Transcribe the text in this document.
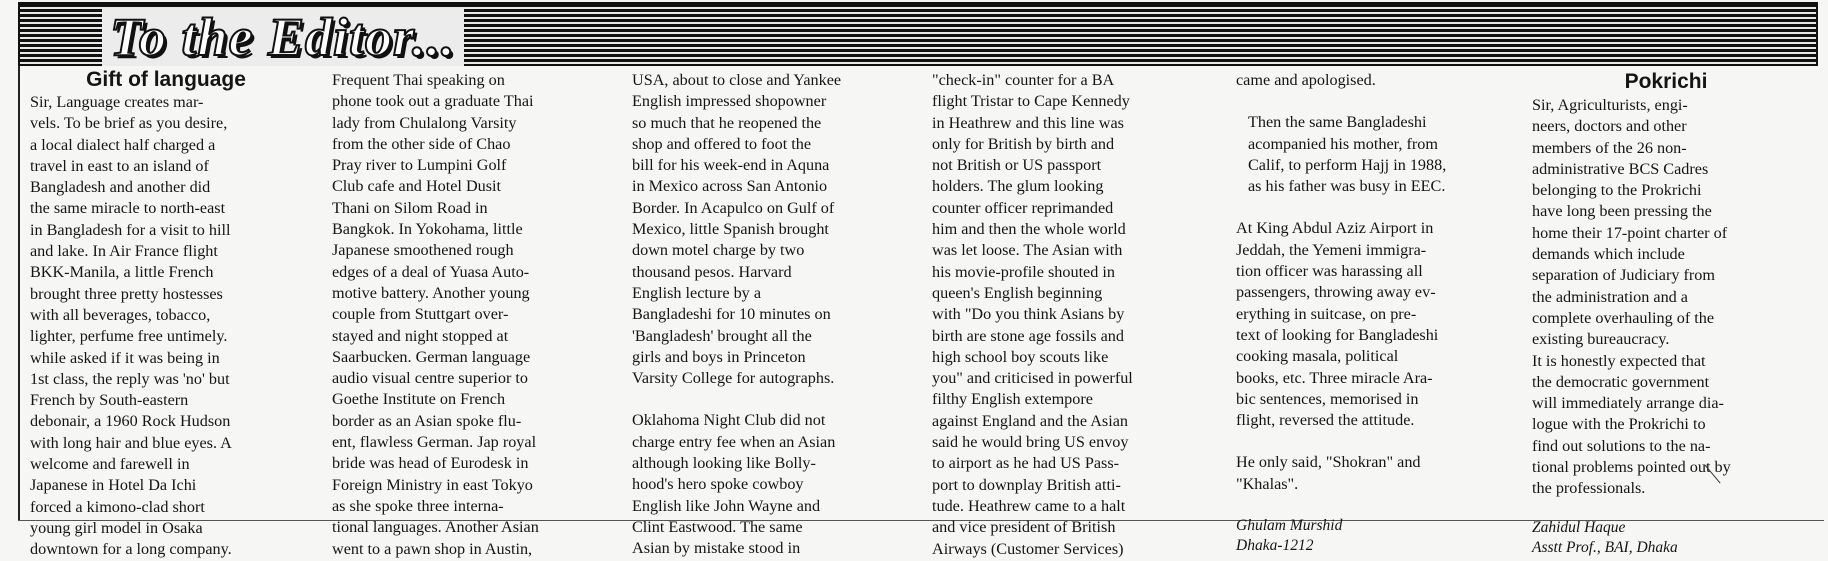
To the Editor...
Gift of language
Sir, Language creates mar-
vels. To be brief as you desire,
a local dialect half charged a
travel in east to an island of
Bangladesh and another did
the same miracle to north-east
in Bangladesh for a visit to hill
and lake. In Air France flight
BKK-Manila, a little French
brought three pretty hostesses
with all beverages, tobacco,
lighter, perfume free untimely.
while asked if it was being in
1st class, the reply was 'no' but
French by South-eastern
debonair, a 1960 Rock Hudson
with long hair and blue eyes. A
welcome and farewell in
Japanese in Hotel Da Ichi
forced a kimono-clad short
young girl model in Osaka
downtown for a long company.
Frequent Thai speaking on
phone took out a graduate Thai
lady from Chulalong Varsity
from the other side of Chao
Pray river to Lumpini Golf
Club cafe and Hotel Dusit
Thani on Silom Road in
Bangkok. In Yokohama, little
Japanese smoothened rough
edges of a deal of Yuasa Auto-
motive battery. Another young
couple from Stuttgart over-
stayed and night stopped at
Saarbucken. German language
audio visual centre superior to
Goethe Institute on French
border as an Asian spoke flu-
ent, flawless German. Jap royal
bride was head of Eurodesk in
Foreign Ministry in east Tokyo
as she spoke three interna-
tional languages. Another Asian
went to a pawn shop in Austin,
USA, about to close and Yankee
English impressed shopowner
so much that he reopened the
shop and offered to foot the
bill for his week-end in Aquna
in Mexico across San Antonio
Border. In Acapulco on Gulf of
Mexico, little Spanish brought
down motel charge by two
thousand pesos. Harvard
English lecture by a
Bangladeshi for 10 minutes on
'Bangladesh' brought all the
girls and boys in Princeton
Varsity College for autographs.
Oklahoma Night Club did not
charge entry fee when an Asian
although looking like Bolly-
hood's hero spoke cowboy
English like John Wayne and
Clint Eastwood. The same
Asian by mistake stood in
"check-in" counter for a BA
flight Tristar to Cape Kennedy
in Heathrew and this line was
only for British by birth and
not British or US passport
holders. The glum looking
counter officer reprimanded
him and then the whole world
was let loose. The Asian with
his movie-profile shouted in
queen's English beginning
with "Do you think Asians by
birth are stone age fossils and
high school boy scouts like
you" and criticised in powerful
filthy English extempore
against England and the Asian
said he would bring US envoy
to airport as he had US Pass-
port to downplay British atti-
tude. Heathrew came to a halt
and vice president of British
Airways (Customer Services)
came and apologised.
Then the same Bangladeshi
acompanied his mother, from
Calif, to perform Hajj in 1988,
as his father was busy in EEC.
At King Abdul Aziz Airport in
Jeddah, the Yemeni immigra-
tion officer was harassing all
passengers, throwing away ev-
erything in suitcase, on pre-
text of looking for Bangladeshi
cooking masala, political
books, etc. Three miracle Ara-
bic sentences, memorised in
flight, reversed the attitude.
He only said, "Shokran" and
"Khalas".

Ghulam Murshid

Dhaka-1212

Pokrichi
Sir, Agriculturists, engi-
neers, doctors and other
members of the 26 non-
administrative BCS Cadres
belonging to the Prokrichi
have long been pressing the
home their 17-point charter of
demands which include
separation of Judiciary from
the administration and a
complete overhauling of the
existing bureaucracy.
It is honestly expected that
the democratic government
will immediately arrange dia-
logue with the Prokrichi to
find out solutions to the na-
tional problems pointed out by
the professionals.

Zahidul Haque

Asstt Prof., BAI, Dhaka
